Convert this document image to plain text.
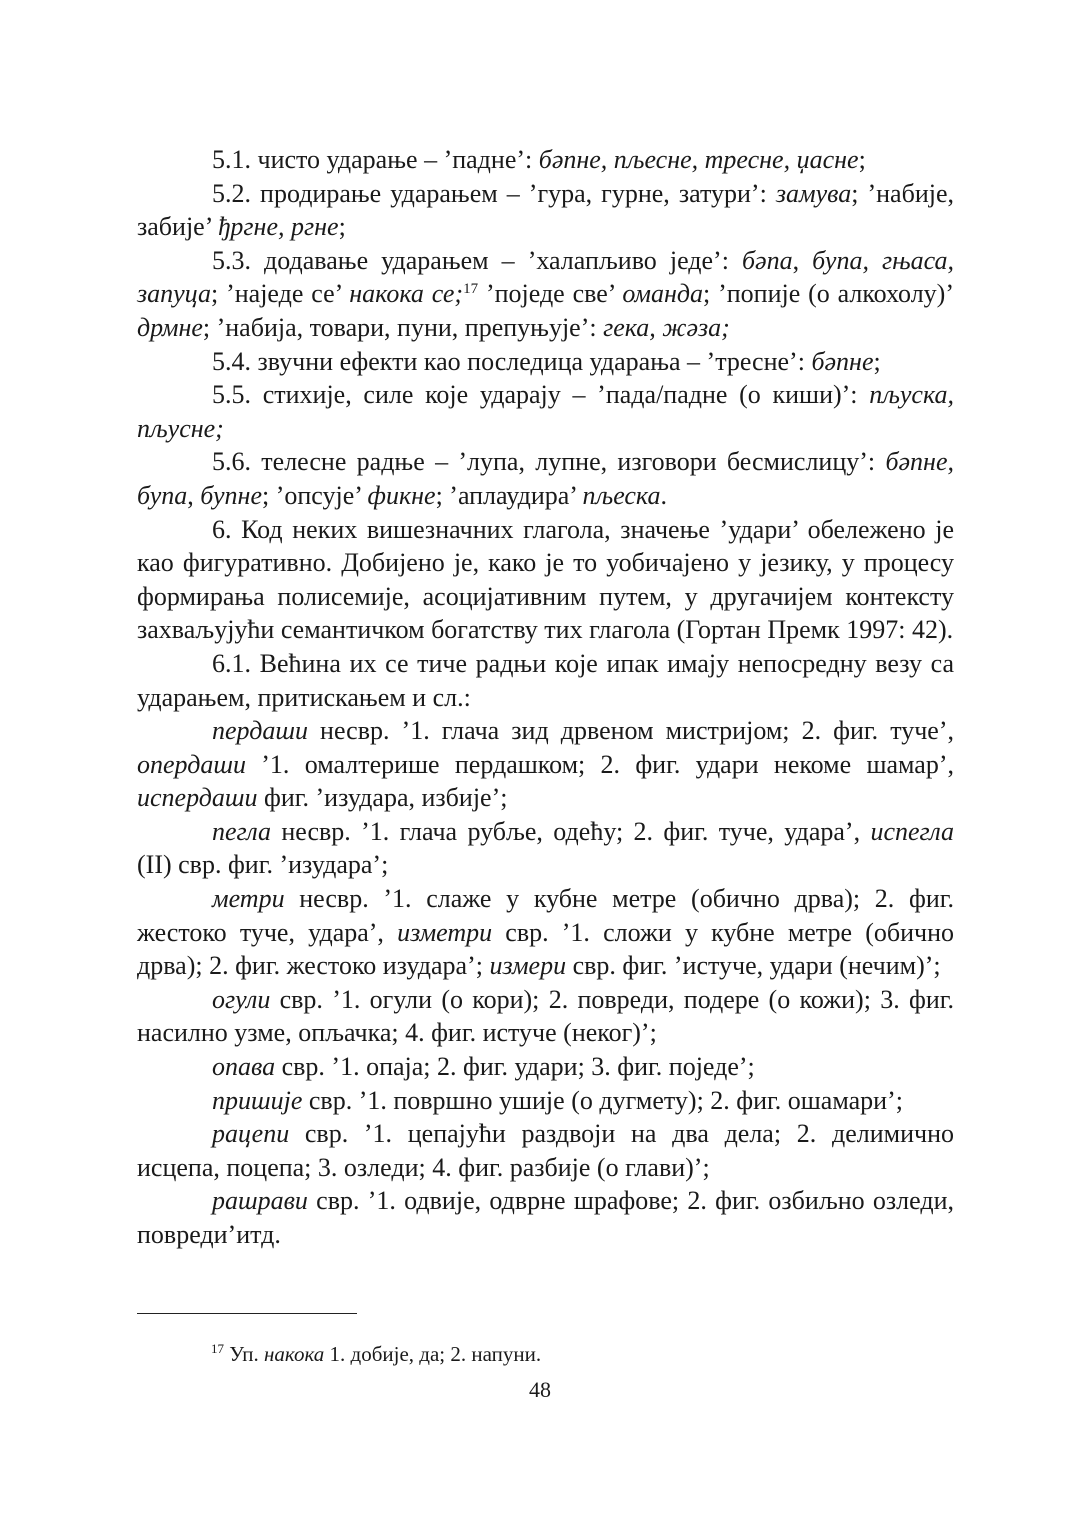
5.1. чисто ударање – ’падне’: бәпне, пљесне, тресне, џасне;

5.2. продирање ударањем – ’гура, гурне, затури’: замува; ’набије, забије’ ђргне, ргне;

5.3. додавање ударањем – ’халапљиво једе’: бәпа, бупа, гњаса, запуца; ’наједе се’ накока се;$^{17}$ ’поједе све’ оманда; ’попије (о алкохолу)’ дрмне; ’набија, товари, пуни, препуњује’: гека, жәза;

5.4. звучни ефекти као последица ударања – ’тресне’: бәпне;

5.5. стихије, силе које ударају – ’пада/падне (о киши)’: пљуска, пљусне;

5.6. телесне радње – ’лупа, лупне, изговори бесмислицу’: бәпне, бупа, бупне; ’опсује’ фикне; ’аплаудира’ пљеска.

6. Код неких вишезначних глагола, значење ’удари’ обележено је као фигуративно. Добијено је, како је то уобичајено у језику, у процесу формирања полисемије, асоцијативним путем, у другачијем контексту захваљујући семантичком богатству тих глагола (Гортан Премк 1997: 42).

6.1. Већина их се тиче радњи које ипак имају непосредну везу са ударањем, притискањем и сл.:

пердаши несвр. ’1. глача зид дрвеном мистријом; 2. фиг. туче’, опердаши ’1. омалтерише пердашком; 2. фиг. удари некоме шамар’, испердаши фиг. ’изудара, избије’;

пегла несвр. ’1. глача рубље, одећу; 2. фиг. туче, удара’, испегла (II) свр. фиг. ’изудара’;

метри несвр. ’1. слаже у кубне метре (обично дрва); 2. фиг. жестоко туче, удара’, изметри свр. ’1. сложи у кубне метре (обично дрва); 2. фиг. жестоко изудара’; измери свр. фиг. ’истуче, удари (нечим)’;

огули свр. ’1. огули (о кори); 2. повреди, подере (о кожи); 3. фиг. насилно узме, опљачка; 4. фиг. истуче (неког)’;

опава свр. ’1. опаја; 2. фиг. удари; 3. фиг. поједе’;

пришије свр. ’1. површно ушије (о дугмету); 2. фиг. ошамари’;

рацепи свр. ’1. цепајући раздвоји на два дела; 2. делимично исцепа, поцепа; 3. озледи; 4. фиг. разбије (о глави)’;

рашрави свр. ’1. одвије, одврне шрафове; 2. фиг. озбиљно озледи, повреди’итд.

$^{17}$ Уп. накока 1. добије, да; 2. напуни.
48
